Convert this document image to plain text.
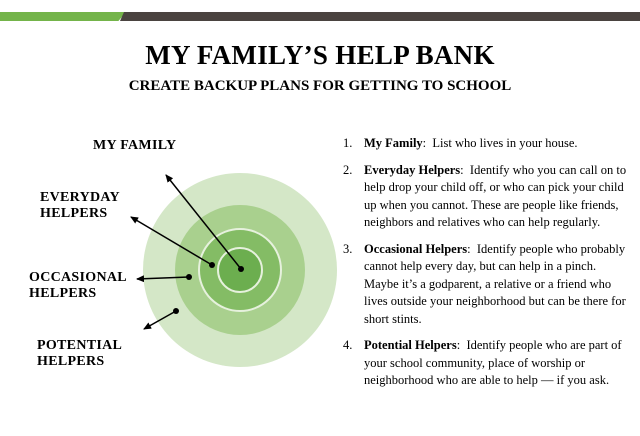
MY FAMILY’S HELP BANK
CREATE BACKUP PLANS FOR GETTING TO SCHOOL
MY FAMILY
EVERYDAY
HELPERS
OCCASIONAL
HELPERS
POTENTIAL
HELPERS
1. My Family:  List who lives in your house.
2. Everyday Helpers:  Identify who you can call on to help drop your child off, or who can pick your child up when you cannot. These are people like friends, neighbors and relatives who can help regularly.
3. Occasional Helpers:  Identify people who probably cannot help every day, but can help in a pinch. Maybe it’s a godparent, a relative or a friend who lives outside your neighborhood but can be there for short stints.
4. Potential Helpers:  Identify people who are part of your school community, place of worship or neighborhood who are able to help — if you ask.
